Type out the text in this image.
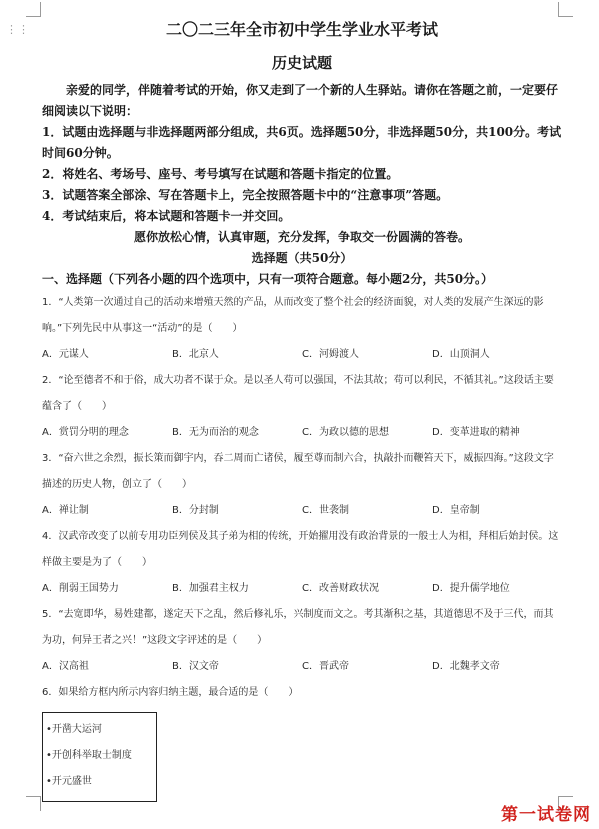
⋮⋮	二〇二三年全市初中学生学业水平考试
历史试题

亲爱的同学，伴随着考试的开始，你又走到了一个新的人生驿站。请你在答题之前，一定要仔细阅读以下说明：

1．试题由选择题与非选择题两部分组成，共6页。选择题50分，非选择题50分，共100分。考试时间60分钟。

2．将姓名、考场号、座号、考号填写在试题和答题卡指定的位置。

3．试题答案全部涂、写在答题卡上，完全按照答题卡中的“注意事项”答题。

4．考试结束后，将本试题和答题卡一并交回。

愿你放松心情，认真审题，充分发挥，争取交一份圆满的答卷。

选择题（共50分）
一、选择题（下列各小题的四个选项中，只有一项符合题意。每小题2分，共50分。）

1．“人类第一次通过自己的活动来增殖天然的产品，从而改变了整个社会的经济面貌，对人类的发展产生深远的影响。”下列先民中从事这一“活动”的是（　　）

A．元谋人	B．北京人	C．河姆渡人	D．山顶洞人

2．“论至德者不和于俗，成大功者不谋于众。是以圣人苟可以强国，不法其故；苟可以利民，不循其礼。”这段话主要蕴含了（　　）

A．赏罚分明的理念	B．无为而治的观念	C．为政以德的思想	D．变革进取的精神

3．“奋六世之余烈，振长策而御宇内，吞二周而亡诸侯，履至尊而制六合，执敲扑而鞭笞天下，威振四海。”这段文字描述的历史人物，创立了（　　）

A．禅让制	B．分封制	C．世袭制	D．皇帝制

4．汉武帝改变了以前专用功臣列侯及其子弟为相的传统，开始擢用没有政治背景的一般士人为相，拜相后始封侯。这样做主要是为了（　　）

A．削弱王国势力	B．加强君主权力	C．改善财政状况	D．提升儒学地位

5．“去宽即华，易姓建都，遂定天下之乱，然后修礼乐，兴制度而文之。考其渐积之基，其道德思不及于三代，而其为功，何异王者之兴！”这段文字评述的是（　　）

A．汉高祖	B．汉文帝	C．晋武帝	D．北魏孝文帝

6．如果给方框内所示内容归纳主题，最合适的是（　　）

•开凿大运河
•开创科举取士制度
•开元盛世
第一试卷网
